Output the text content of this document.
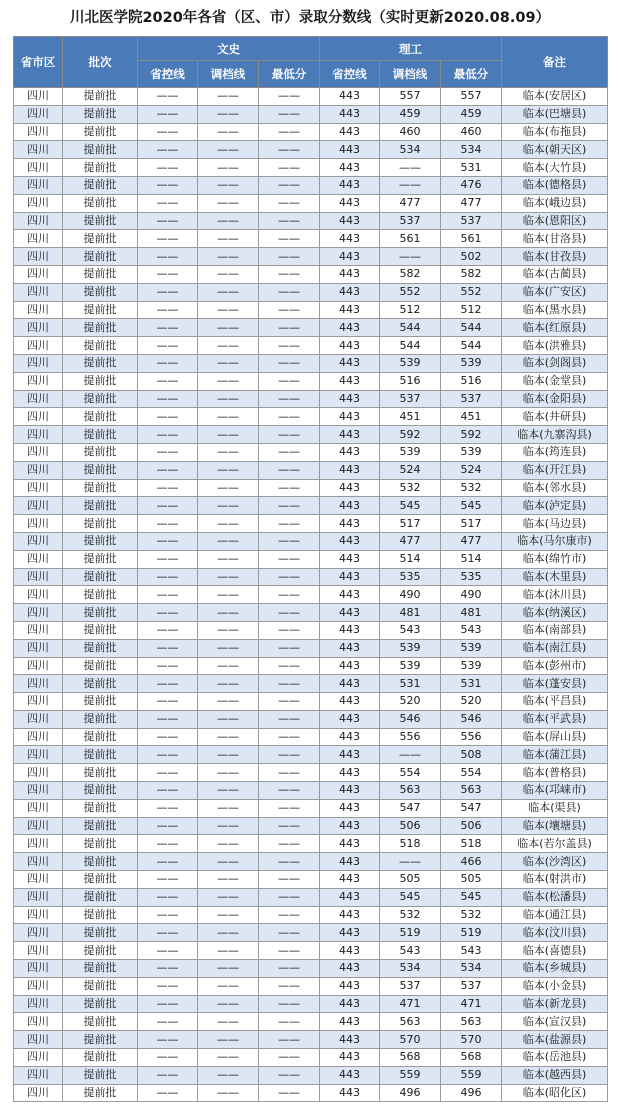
川北医学院2020年各省（区、市）录取分数线（实时更新2020.08.09）
省市区	批次	文史			理工			备注
		省控线	调档线	最低分	省控线	调档线	最低分	
四川	提前批	——	——	——	443	557	557	临本(安居区)
四川	提前批	——	——	——	443	459	459	临本(巴塘县)
四川	提前批	——	——	——	443	460	460	临本(布拖县)
四川	提前批	——	——	——	443	534	534	临本(朝天区)
四川	提前批	——	——	——	443	——	531	临本(大竹县)
四川	提前批	——	——	——	443	——	476	临本(德格县)
四川	提前批	——	——	——	443	477	477	临本(峨边县)
四川	提前批	——	——	——	443	537	537	临本(恩阳区)
四川	提前批	——	——	——	443	561	561	临本(甘洛县)
四川	提前批	——	——	——	443	——	502	临本(甘孜县)
四川	提前批	——	——	——	443	582	582	临本(古蔺县)
四川	提前批	——	——	——	443	552	552	临本(广安区)
四川	提前批	——	——	——	443	512	512	临本(黑水县)
四川	提前批	——	——	——	443	544	544	临本(红原县)
四川	提前批	——	——	——	443	544	544	临本(洪雅县)
四川	提前批	——	——	——	443	539	539	临本(剑阁县)
四川	提前批	——	——	——	443	516	516	临本(金堂县)
四川	提前批	——	——	——	443	537	537	临本(金阳县)
四川	提前批	——	——	——	443	451	451	临本(井研县)
四川	提前批	——	——	——	443	592	592	临本(九寨沟县)
四川	提前批	——	——	——	443	539	539	临本(筠连县)
四川	提前批	——	——	——	443	524	524	临本(开江县)
四川	提前批	——	——	——	443	532	532	临本(邻水县)
四川	提前批	——	——	——	443	545	545	临本(泸定县)
四川	提前批	——	——	——	443	517	517	临本(马边县)
四川	提前批	——	——	——	443	477	477	临本(马尔康市)
四川	提前批	——	——	——	443	514	514	临本(绵竹市)
四川	提前批	——	——	——	443	535	535	临本(木里县)
四川	提前批	——	——	——	443	490	490	临本(沐川县)
四川	提前批	——	——	——	443	481	481	临本(纳溪区)
四川	提前批	——	——	——	443	543	543	临本(南部县)
四川	提前批	——	——	——	443	539	539	临本(南江县)
四川	提前批	——	——	——	443	539	539	临本(彭州市)
四川	提前批	——	——	——	443	531	531	临本(蓬安县)
四川	提前批	——	——	——	443	520	520	临本(平昌县)
四川	提前批	——	——	——	443	546	546	临本(平武县)
四川	提前批	——	——	——	443	556	556	临本(屏山县)
四川	提前批	——	——	——	443	——	508	临本(蒲江县)
四川	提前批	——	——	——	443	554	554	临本(普格县)
四川	提前批	——	——	——	443	563	563	临本(邛崃市)
四川	提前批	——	——	——	443	547	547	临本(渠县)
四川	提前批	——	——	——	443	506	506	临本(壤塘县)
四川	提前批	——	——	——	443	518	518	临本(若尔盖县)
四川	提前批	——	——	——	443	——	466	临本(沙湾区)
四川	提前批	——	——	——	443	505	505	临本(射洪市)
四川	提前批	——	——	——	443	545	545	临本(松潘县)
四川	提前批	——	——	——	443	532	532	临本(通江县)
四川	提前批	——	——	——	443	519	519	临本(汶川县)
四川	提前批	——	——	——	443	543	543	临本(喜德县)
四川	提前批	——	——	——	443	534	534	临本(乡城县)
四川	提前批	——	——	——	443	537	537	临本(小金县)
四川	提前批	——	——	——	443	471	471	临本(新龙县)
四川	提前批	——	——	——	443	563	563	临本(宣汉县)
四川	提前批	——	——	——	443	570	570	临本(盐源县)
四川	提前批	——	——	——	443	568	568	临本(岳池县)
四川	提前批	——	——	——	443	559	559	临本(越西县)
四川	提前批	——	——	——	443	496	496	临本(昭化区)
